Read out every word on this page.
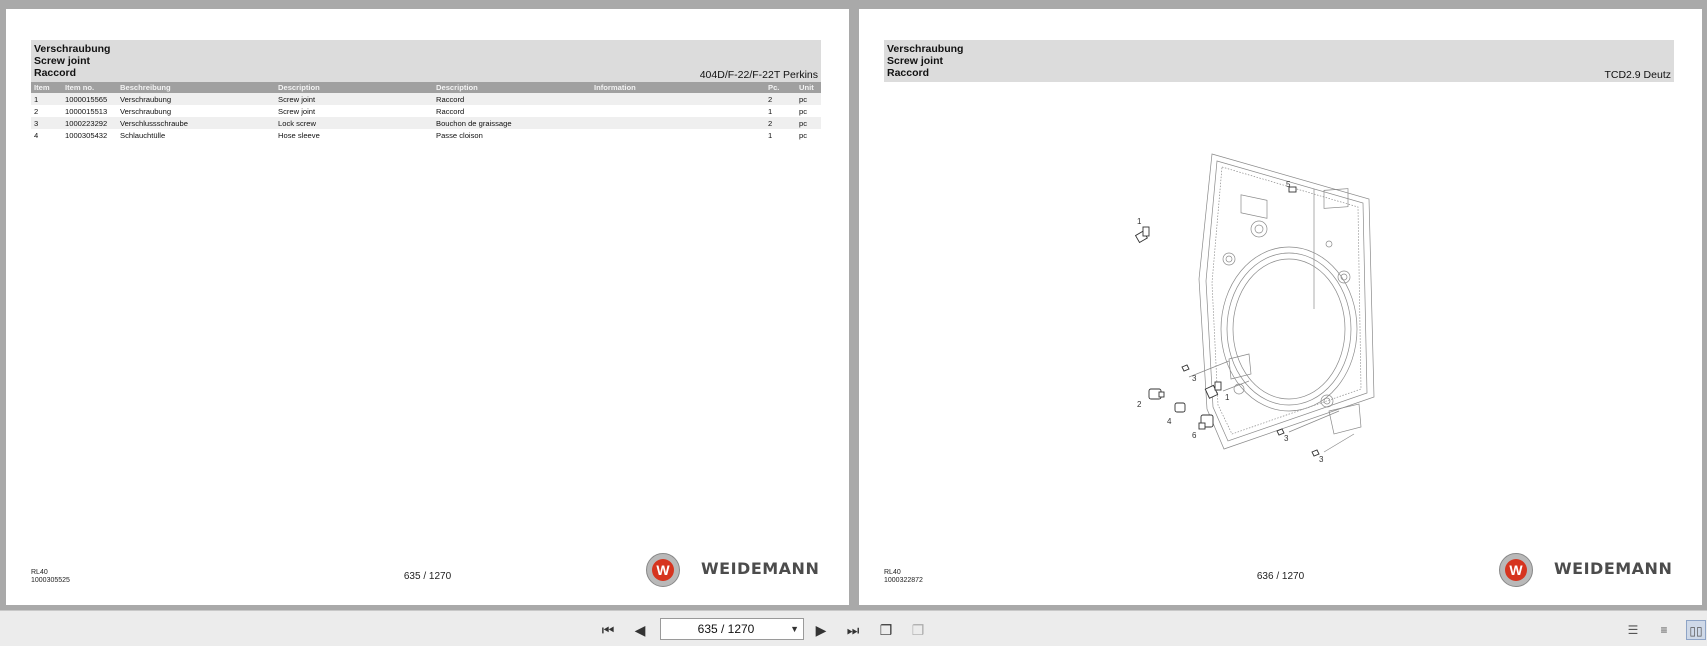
Verschraubung
Screw joint
Raccord	404D/F-22/F-22T Perkins
Item	Item no.	Beschreibung	Description	Description	Information	Pc.	Unit
1	1000015565	Verschraubung	Screw joint	Raccord		2	pc
2	1000015513	Verschraubung	Screw joint	Raccord		1	pc
3	1000223292	Verschlussschraube	Lock screw	Bouchon de graissage		2	pc
4	1000305432	Schlauchtülle	Hose sleeve	Passe cloison		1	pc
RL40
1000305525	635 / 1270	W WEIDEMANN
Verschraubung
Screw joint
Raccord	TCD2.9 Deutz
5
1
3
1
2
4
6	3
3
RL40
1000322872	636 / 1270	W WEIDEMANN
⏮	◀	635 / 1270	▼	▶	⏭ ❐ ❐	☰	≡	▯▯
